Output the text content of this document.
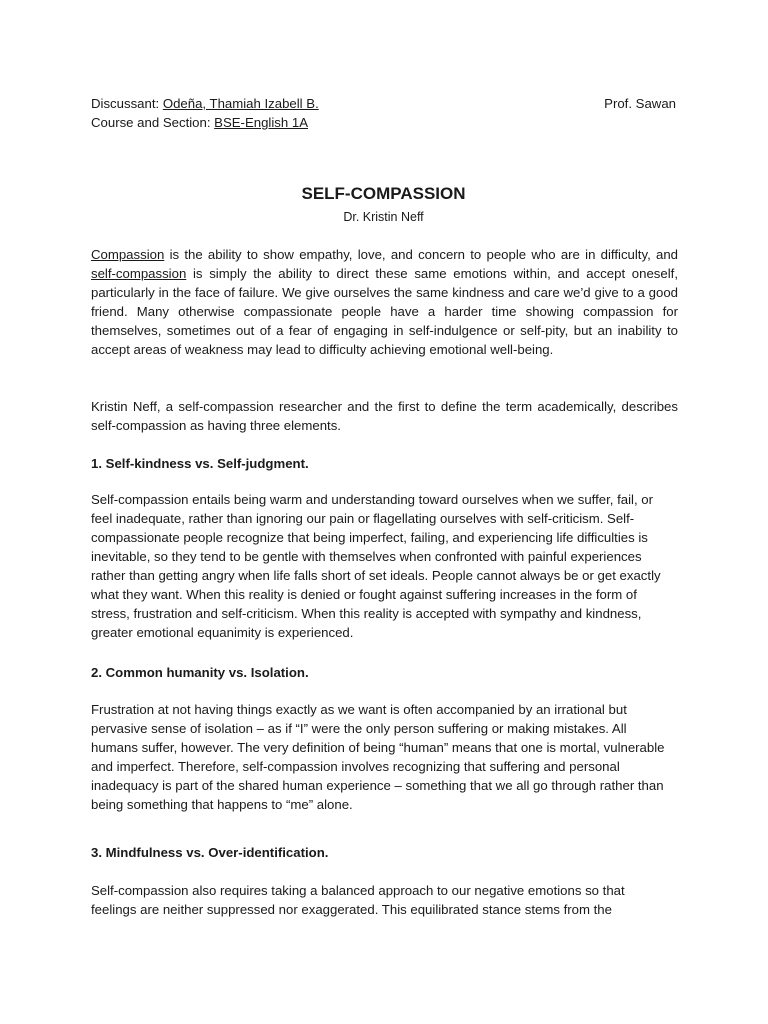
Discussant: Odeña, Thamiah Izabell B.	Prof. Sawan
Course and Section: BSE-English 1A
SELF-COMPASSION
Dr. Kristin Neff

Compassion is the ability to show empathy, love, and concern to people who are in difficulty, and self-compassion is simply the ability to direct these same emotions within, and accept oneself, particularly in the face of failure. We give ourselves the same kindness and care we’d give to a good friend. Many otherwise compassionate people have a harder time showing compassion for themselves, sometimes out of a fear of engaging in self-indulgence or self-pity, but an inability to accept areas of weakness may lead to difficulty achieving emotional well-being.

Kristin Neff, a self-compassion researcher and the first to define the term academically, describes self-compassion as having three elements.

1. Self-kindness vs. Self-judgment.

Self-compassion entails being warm and understanding toward ourselves when we suffer, fail, or feel inadequate, rather than ignoring our pain or flagellating ourselves with self-criticism. Self-compassionate people recognize that being imperfect, failing, and experiencing life difficulties is inevitable, so they tend to be gentle with themselves when confronted with painful experiences rather than getting angry when life falls short of set ideals. People cannot always be or get exactly what they want. When this reality is denied or fought against suffering increases in the form of stress, frustration and self-criticism. When this reality is accepted with sympathy and kindness, greater emotional equanimity is experienced.

2. Common humanity vs. Isolation.

Frustration at not having things exactly as we want is often accompanied by an irrational but pervasive sense of isolation – as if “I” were the only person suffering or making mistakes. All humans suffer, however. The very definition of being “human” means that one is mortal, vulnerable and imperfect. Therefore, self-compassion involves recognizing that suffering and personal inadequacy is part of the shared human experience – something that we all go through rather than being something that happens to “me” alone.

3. Mindfulness vs. Over-identification.

Self-compassion also requires taking a balanced approach to our negative emotions so that feelings are neither suppressed nor exaggerated. This equilibrated stance stems from the
